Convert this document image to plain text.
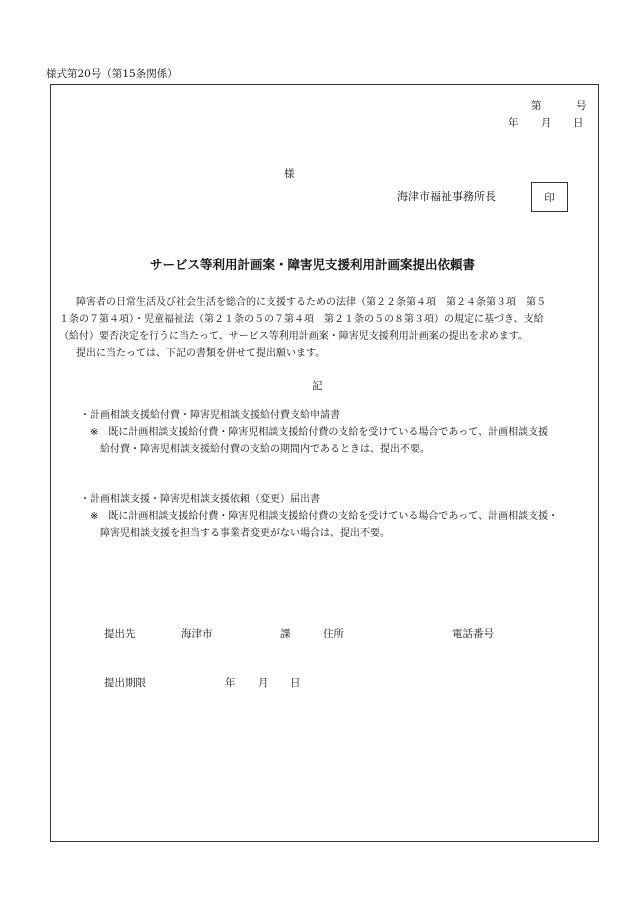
様式第20号（第15条関係）
第	号
年 月 日
様
海津市福祉事務所長	印
サービス等利用計画案・障害児支援利用計画案提出依頼書
障害者の日常生活及び社会生活を総合的に支援するための法律（第２２条第４項　第２４条第３項　第５
１条の７第４項）・児童福祉法（第２１条の５の７第４項　第２１条の５の８第３項）の規定に基づき、支給
（給付）要否決定を行うに当たって、サービス等利用計画案・障害児支援利用計画案の提出を求めます。
提出に当たっては、下記の書類を併せて提出願います。
記
・計画相談支援給付費・障害児相談支援給付費支給申請書
※　既に計画相談支援給付費・障害児相談支援給付費の支給を受けている場合であって、計画相談支援
給付費・障害児相談支援給付費の支給の期間内であるときは、提出不要。
・計画相談支援・障害児相談支援依頼（変更）届出書
※　既に計画相談支援給付費・障害児相談支援給付費の支給を受けている場合であって、計画相談支援・
障害児相談支援を担当する事業者変更がない場合は、提出不要。
提出先	海津市	課	住所	電話番号
提出期限	年 月 日
